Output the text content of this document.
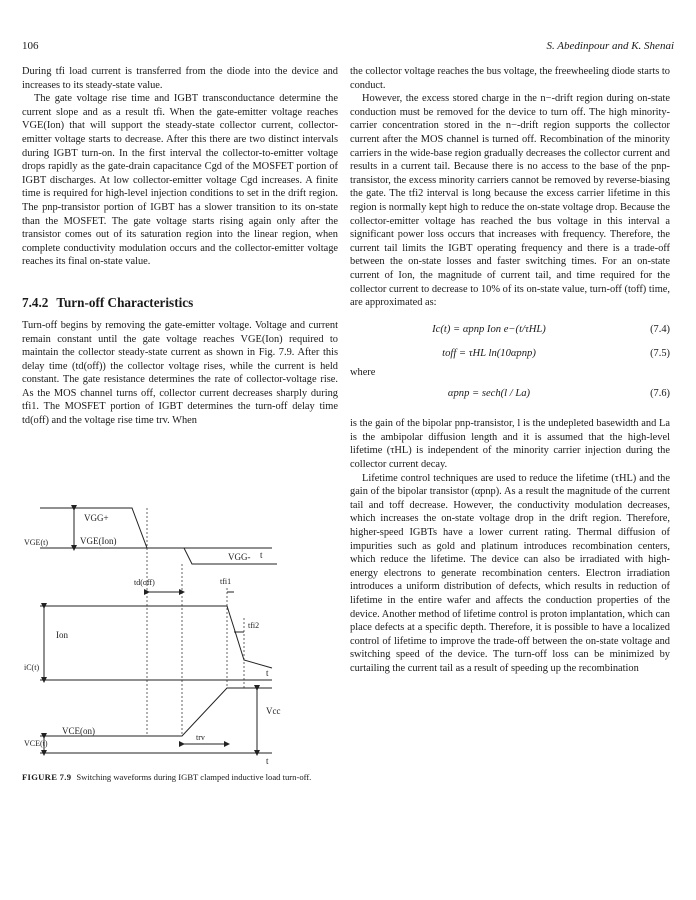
106	S. Abedinpour and K. Shenai

During tfi load current is transferred from the diode into the device and increases to its steady-state value.

The gate voltage rise time and IGBT transconductance determine the current slope and as a result tfi. When the gate-emitter voltage reaches VGE(Ion) that will support the steady-state collector current, collector-emitter voltage starts to decrease. After this there are two distinct intervals during IGBT turn-on. In the first interval the collector-to-emitter voltage drops rapidly as the gate-drain capacitance Cgd of the MOSFET portion of IGBT discharges. At low collector-emitter voltage Cgd increases. A finite time is required for high-level injection conditions to set in the drift region. The pnp-transistor portion of IGBT has a slower transition to its on-state than the MOSFET. The gate voltage starts rising again only after the transistor comes out of its saturation region into the linear region, when complete conductivity modulation occurs and the collector-emitter voltage reaches its final on-state value.

7.4.2 Turn-off Characteristics

Turn-off begins by removing the gate-emitter voltage. Voltage and current remain constant until the gate voltage reaches VGE(Ion) required to maintain the collector steady-state current as shown in Fig. 7.9. After this delay time (td(off)) the collector voltage rises, while the current is held constant. The gate resistance determines the rate of collector-voltage rise. As the MOS channel turns off, collector current decreases sharply during tfi1. The MOSFET portion of IGBT determines the turn-off delay time td(off) and the voltage rise time trv. When

VGG+
VGE(t)	VGE(Ion)
VGG- t
td(off)	tfi1
tfi2
Ion
iC(t)
t
Vcc
VCE(on)
trv
VCE(t)
t
FIGURE 7.9 Switching waveforms during IGBT clamped inductive load turn-off.

the collector voltage reaches the bus voltage, the freewheeling diode starts to conduct.

However, the excess stored charge in the n−-drift region during on-state conduction must be removed for the device to turn off. The high minority-carrier concentration stored in the n−-drift region supports the collector current after the MOS channel is turned off. Recombination of the minority carriers in the wide-base region gradually decreases the collector current and results in a current tail. Because there is no access to the base of the pnp-transistor, the excess minority carriers cannot be removed by reverse-biasing the gate. The tfi2 interval is long because the excess carrier lifetime in this region is normally kept high to reduce the on-state voltage drop. Because the collector-emitter voltage has reached the bus voltage in this interval a significant power loss occurs that increases with frequency. Therefore, the current tail limits the IGBT operating frequency and there is a trade-off between the on-state losses and faster switching times. For an on-state current of Ion, the magnitude of current tail, and time required for the collector current to decrease to 10% of its on-state value, turn-off (toff) time, are approximated as:

Ic(t) = αpnp Ion e−(t/τHL)	(7.4)
toff = τHL ln(10αpnp)	(7.5)

where

αpnp = sech(l / La)	(7.6)

is the gain of the bipolar pnp-transistor, l is the undepleted basewidth and La is the ambipolar diffusion length and it is assumed that the high-level lifetime (τHL) is independent of the minority carrier injection during the collector current decay.

Lifetime control techniques are used to reduce the lifetime (τHL) and the gain of the bipolar transistor (αpnp). As a result the magnitude of the current tail and toff decrease. However, the conductivity modulation decreases, which increases the on-state voltage drop in the drift region. Therefore, higher-speed IGBTs have a lower current rating. Thermal diffusion of impurities such as gold and platinum introduces recombination centers, which reduce the lifetime. The device can also be irradiated with high-energy electrons to generate recombination centers. Electron irradiation introduces a uniform distribution of defects, which results in reduction of lifetime in the entire wafer and affects the conduction properties of the device. Another method of lifetime control is proton implantation, which can place defects at a specific depth. Therefore, it is possible to have a localized control of lifetime to improve the trade-off between the on-state voltage and switching speed of the device. The turn-off loss can be minimized by curtailing the current tail as a result of speeding up the recombination
